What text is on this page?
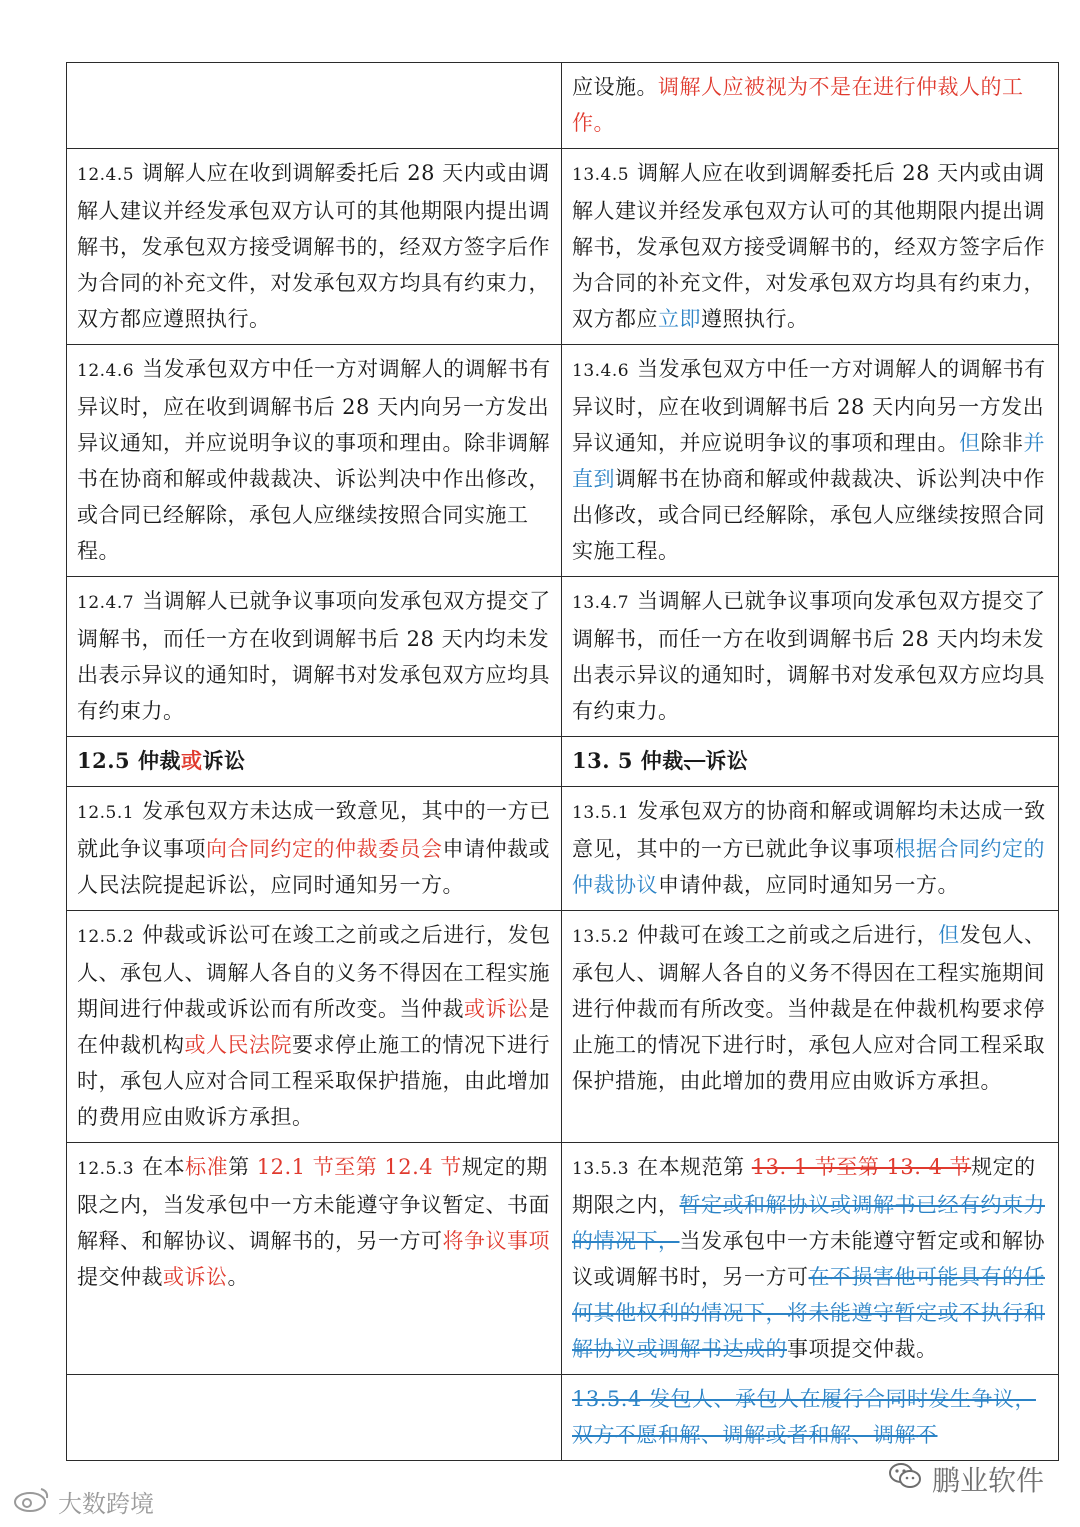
	应设施。调解人应被视为不是在进行仲裁人的工作。
12.4.5 调解人应在收到调解委托后 28 天内或由调解人建议并经发承包双方认可的其他期限内提出调解书，发承包双方接受调解书的，经双方签字后作为合同的补充文件，对发承包双方均具有约束力，双方都应遵照执行。	13.4.5 调解人应在收到调解委托后 28 天内或由调解人建议并经发承包双方认可的其他期限内提出调解书，发承包双方接受调解书的，经双方签字后作为合同的补充文件，对发承包双方均具有约束力，双方都应立即遵照执行。
12.4.6 当发承包双方中任一方对调解人的调解书有异议时，应在收到调解书后 28 天内向另一方发出异议通知，并应说明争议的事项和理由。除非调解书在协商和解或仲裁裁决、诉讼判决中作出修改，或合同已经解除，承包人应继续按照合同实施工程。	13.4.6 当发承包双方中任一方对调解人的调解书有异议时，应在收到调解书后 28 天内向另一方发出异议通知，并应说明争议的事项和理由。但除非并直到调解书在协商和解或仲裁裁决、诉讼判决中作出修改，或合同已经解除，承包人应继续按照合同实施工程。
12.4.7 当调解人已就争议事项向发承包双方提交了调解书，而任一方在收到调解书后 28 天内均未发出表示异议的通知时，调解书对发承包双方应均具有约束力。	13.4.7 当调解人已就争议事项向发承包双方提交了调解书，而任一方在收到调解书后 28 天内均未发出表示异议的通知时，调解书对发承包双方应均具有约束力。
12.5 仲裁或诉讼	13. 5 仲裁、诉讼
12.5.1 发承包双方未达成一致意见，其中的一方已就此争议事项向合同约定的仲裁委员会申请仲裁或人民法院提起诉讼，应同时通知另一方。	13.5.1 发承包双方的协商和解或调解均未达成一致意见，其中的一方已就此争议事项根据合同约定的仲裁协议申请仲裁，应同时通知另一方。
12.5.2 仲裁或诉讼可在竣工之前或之后进行，发包人、承包人、调解人各自的义务不得因在工程实施期间进行仲裁或诉讼而有所改变。当仲裁或诉讼是在仲裁机构或人民法院要求停止施工的情况下进行时，承包人应对合同工程采取保护措施，由此增加的费用应由败诉方承担。	13.5.2 仲裁可在竣工之前或之后进行，但发包人、承包人、调解人各自的义务不得因在工程实施期间进行仲裁而有所改变。当仲裁是在仲裁机构要求停止施工的情况下进行时，承包人应对合同工程采取保护措施，由此增加的费用应由败诉方承担。
12.5.3 在本标准第 12.1 节至第 12.4 节规定的期限之内，当发承包中一方未能遵守争议暂定、书面解释、和解协议、调解书的，另一方可将争议事项提交仲裁或诉讼。	13.5.3 在本规范第 13. 1 节至第 13. 4 节规定的期限之内，暂定或和解协议或调解书已经有约束力的情况下，当发承包中一方未能遵守暂定或和解协议或调解书时，另一方可在不损害他可能具有的任何其他权利的情况下，将未能遵守暂定或不执行和解协议或调解书达成的事项提交仲裁。
	13.5.4 发包人、承包人在履行合同时发生争议，双方不愿和解、调解或者和解、调解不
鹏业软件
大数跨境
